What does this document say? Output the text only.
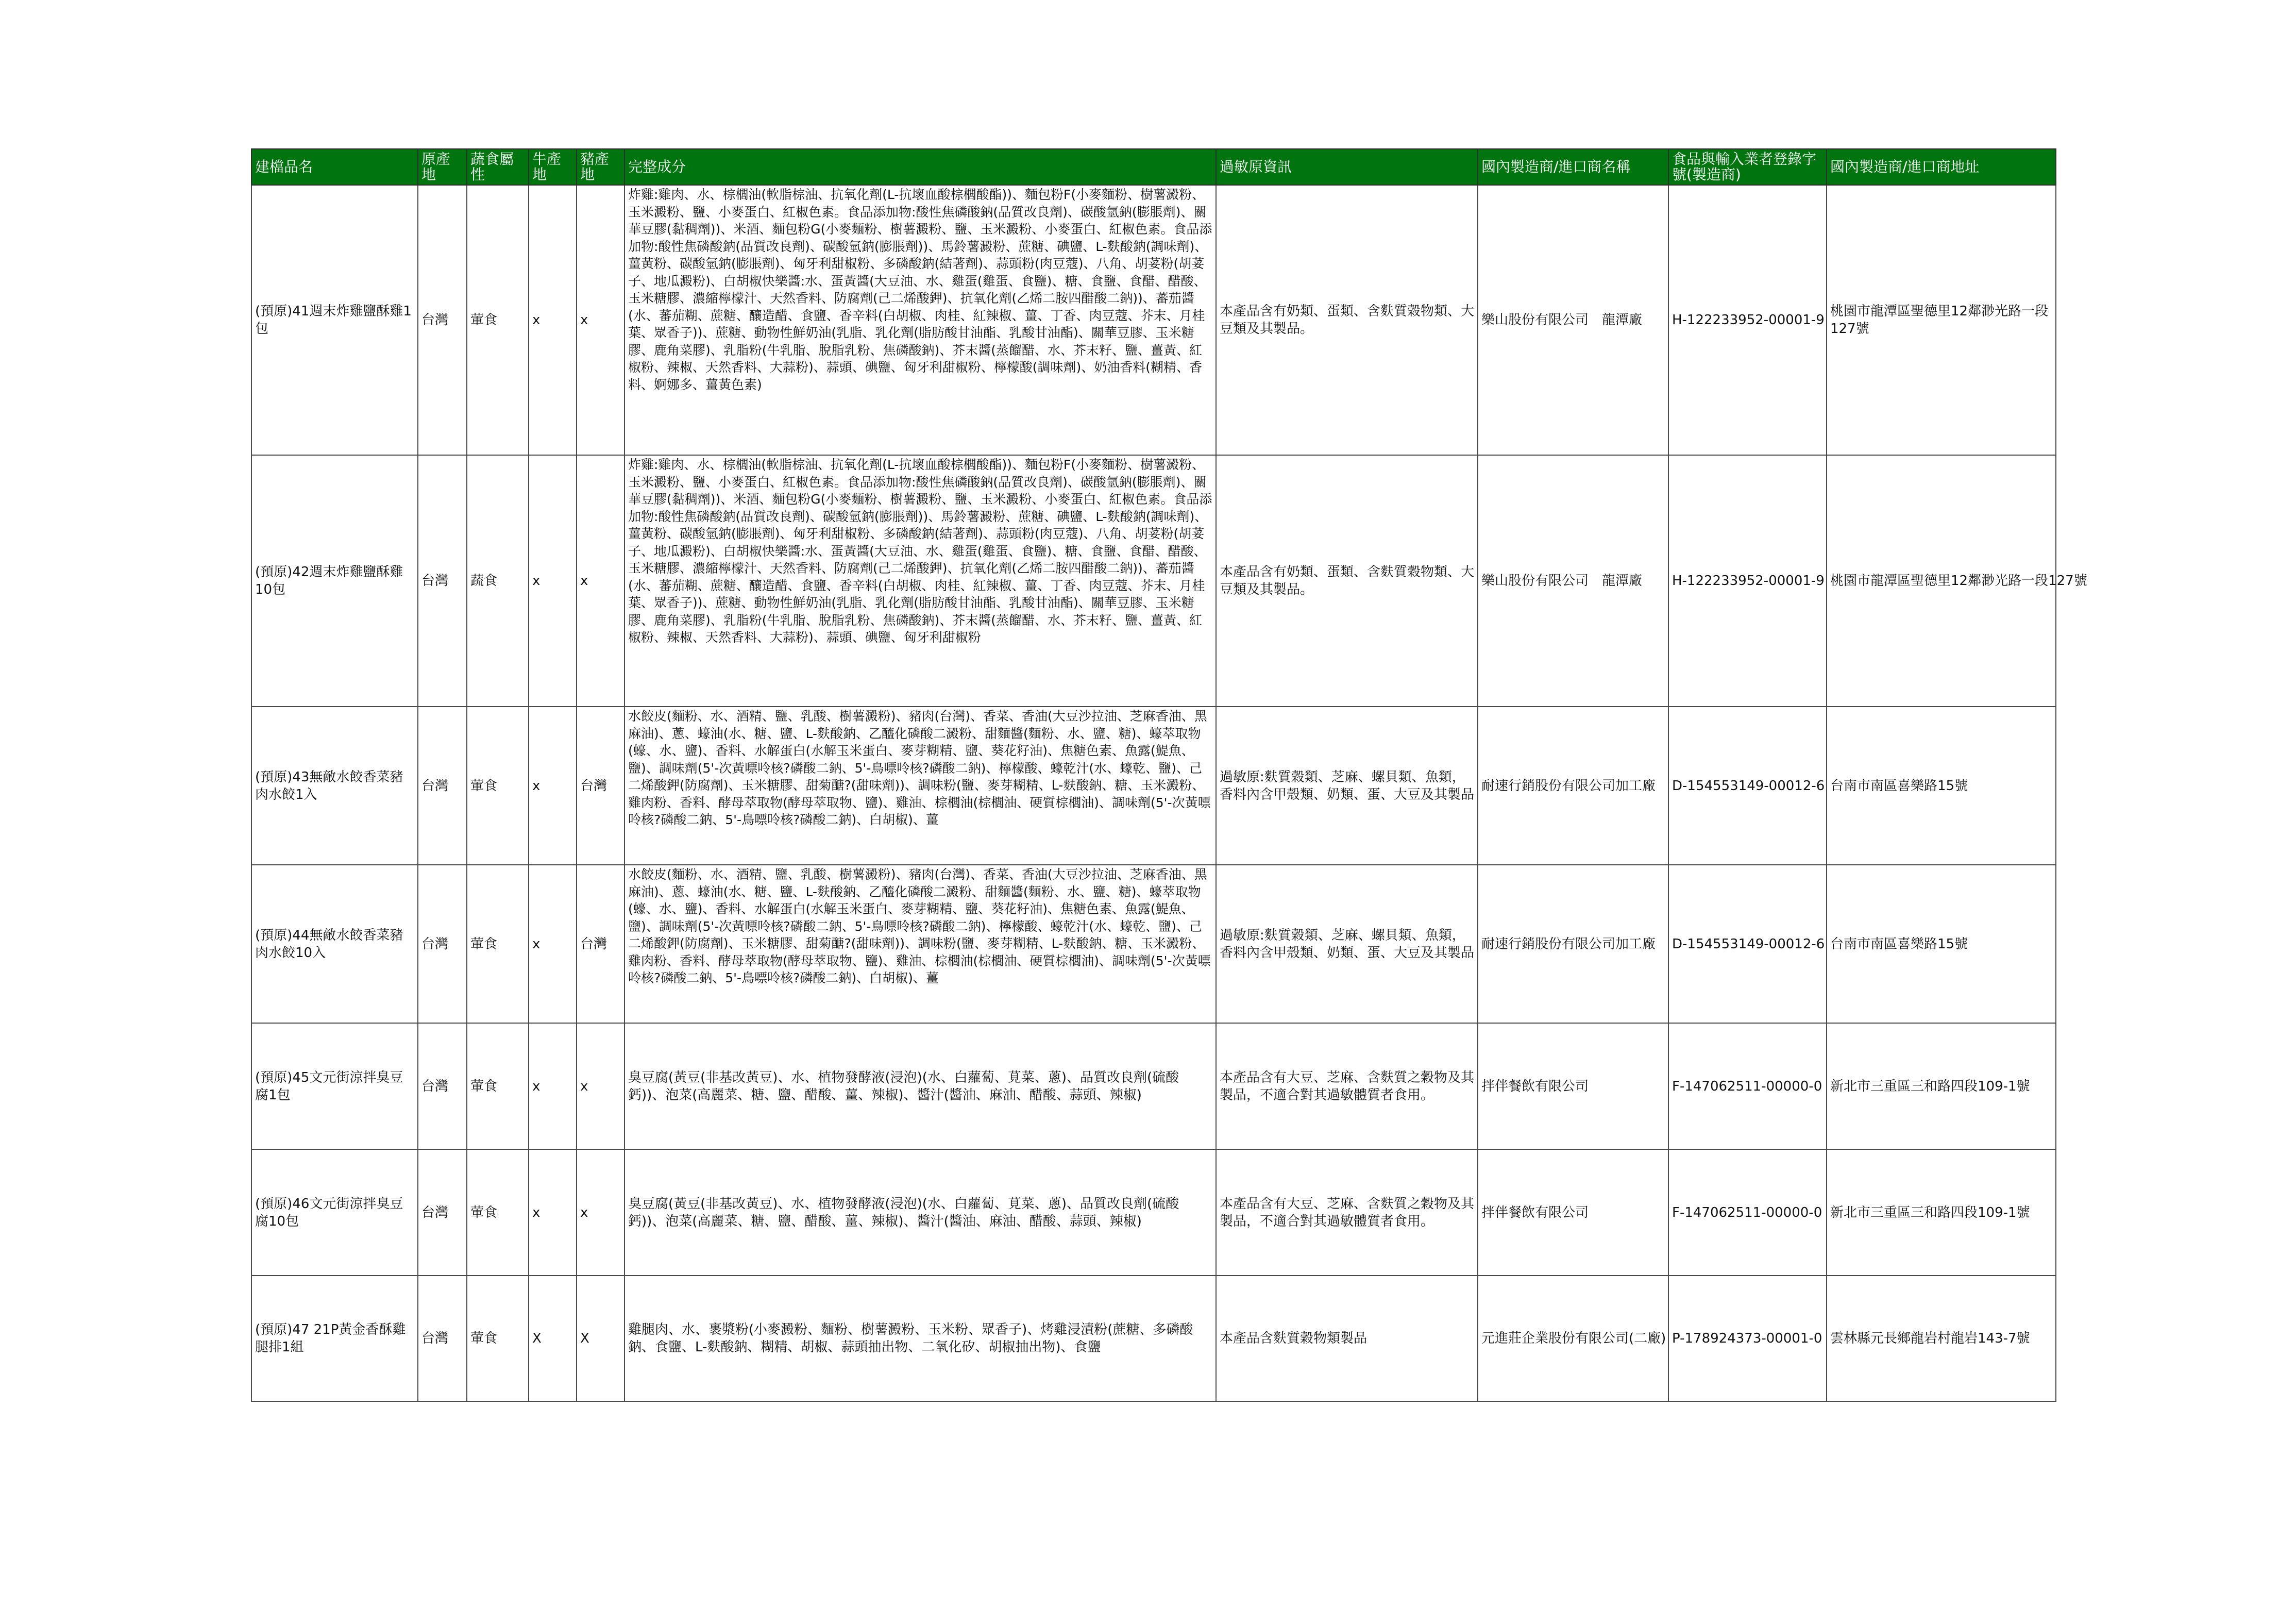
建檔品名	原產地	蔬食屬性	牛產地	豬產地	完整成分	過敏原資訊	國內製造商/進口商名稱	食品與輸入業者登錄字號(製造商)	國內製造商/進口商地址
(預原)41週末炸雞鹽酥雞1包	台灣	葷食	x	x	炸雞:雞肉、水、棕櫚油(軟脂棕油、抗氧化劑(L-抗壞血酸棕櫚酸酯))、麵包粉F(小麥麵粉、樹薯澱粉、玉米澱粉、鹽、小麥蛋白、紅椒色素。食品添加物:酸性焦磷酸鈉(品質改良劑)、碳酸氫鈉(膨脹劑)、關華豆膠(黏稠劑))、米酒、麵包粉G(小麥麵粉、樹薯澱粉、鹽、玉米澱粉、小麥蛋白、紅椒色素。食品添加物:酸性焦磷酸鈉(品質改良劑)、碳酸氫鈉(膨脹劑))、馬鈴薯澱粉、蔗糖、碘鹽、L-麩酸鈉(調味劑)、薑黃粉、碳酸氫鈉(膨脹劑)、匈牙利甜椒粉、多磷酸鈉(結著劑)、蒜頭粉(肉豆蔻)、八角、胡荽粉(胡荽子、地瓜澱粉)、白胡椒快樂醬:水、蛋黃醬(大豆油、水、雞蛋(雞蛋、食鹽)、糖、食鹽、食醋、醋酸、玉米糖膠、濃縮檸檬汁、天然香料、防腐劑(己二烯酸鉀)、抗氧化劑(乙烯二胺四醋酸二鈉))、蕃茄醬(水、蕃茄糊、蔗糖、釀造醋、食鹽、香辛料(白胡椒、肉桂、紅辣椒、薑、丁香、肉豆蔻、芥末、月桂葉、眾香子))、蔗糖、動物性鮮奶油(乳脂、乳化劑(脂肪酸甘油酯、乳酸甘油酯)、關華豆膠、玉米糖膠、鹿角菜膠)、乳脂粉(牛乳脂、脫脂乳粉、焦磷酸鈉)、芥末醬(蒸餾醋、水、芥末籽、鹽、薑黃、紅椒粉、辣椒、天然香料、大蒜粉)、蒜頭、碘鹽、匈牙利甜椒粉、檸檬酸(調味劑)、奶油香料(糊精、香料、婀娜多、薑黃色素)	本產品含有奶類、蛋類、含麩質穀物類、大豆類及其製品。	樂山股份有限公司　龍潭廠	H-122233952-00001-9	桃園市龍潭區聖德里12鄰渺光路一段127號
(預原)42週末炸雞鹽酥雞10包	台灣	蔬食	x	x	炸雞:雞肉、水、棕櫚油(軟脂棕油、抗氧化劑(L-抗壞血酸棕櫚酸酯))、麵包粉F(小麥麵粉、樹薯澱粉、玉米澱粉、鹽、小麥蛋白、紅椒色素。食品添加物:酸性焦磷酸鈉(品質改良劑)、碳酸氫鈉(膨脹劑)、關華豆膠(黏稠劑))、米酒、麵包粉G(小麥麵粉、樹薯澱粉、鹽、玉米澱粉、小麥蛋白、紅椒色素。食品添加物:酸性焦磷酸鈉(品質改良劑)、碳酸氫鈉(膨脹劑))、馬鈴薯澱粉、蔗糖、碘鹽、L-麩酸鈉(調味劑)、薑黃粉、碳酸氫鈉(膨脹劑)、匈牙利甜椒粉、多磷酸鈉(結著劑)、蒜頭粉(肉豆蔻)、八角、胡荽粉(胡荽子、地瓜澱粉)、白胡椒快樂醬:水、蛋黃醬(大豆油、水、雞蛋(雞蛋、食鹽)、糖、食鹽、食醋、醋酸、玉米糖膠、濃縮檸檬汁、天然香料、防腐劑(己二烯酸鉀)、抗氧化劑(乙烯二胺四醋酸二鈉))、蕃茄醬(水、蕃茄糊、蔗糖、釀造醋、食鹽、香辛料(白胡椒、肉桂、紅辣椒、薑、丁香、肉豆蔻、芥末、月桂葉、眾香子))、蔗糖、動物性鮮奶油(乳脂、乳化劑(脂肪酸甘油酯、乳酸甘油酯)、關華豆膠、玉米糖膠、鹿角菜膠)、乳脂粉(牛乳脂、脫脂乳粉、焦磷酸鈉)、芥末醬(蒸餾醋、水、芥末籽、鹽、薑黃、紅椒粉、辣椒、天然香料、大蒜粉)、蒜頭、碘鹽、匈牙利甜椒粉	本產品含有奶類、蛋類、含麩質穀物類、大豆類及其製品。	樂山股份有限公司　龍潭廠	H-122233952-00001-9	桃園市龍潭區聖德里12鄰渺光路一段127號
(預原)43無敵水餃香菜豬肉水餃1入	台灣	葷食	x	台灣	水餃皮(麵粉、水、酒精、鹽、乳酸、樹薯澱粉)、豬肉(台灣)、香菜、香油(大豆沙拉油、芝麻香油、黑麻油)、蔥、蠔油(水、糖、鹽、L-麩酸鈉、乙醯化磷酸二澱粉、甜麵醬(麵粉、水、鹽、糖)、蠔萃取物(蠔、水、鹽)、香料、水解蛋白(水解玉米蛋白、麥芽糊精、鹽、葵花籽油)、焦糖色素、魚露(鯷魚、鹽)、調味劑(5'-次黃嘌呤核?磷酸二鈉、5'-鳥嘌呤核?磷酸二鈉)、檸檬酸、蠔乾汁(水、蠔乾、鹽)、己二烯酸鉀(防腐劑)、玉米糖膠、甜菊醣?(甜味劑))、調味粉(鹽、麥芽糊精、L-麩酸鈉、糖、玉米澱粉、雞肉粉、香料、酵母萃取物(酵母萃取物、鹽)、雞油、棕櫚油(棕櫚油、硬質棕櫚油)、調味劑(5'-次黃嘌呤核?磷酸二鈉、5'-鳥嘌呤核?磷酸二鈉)、白胡椒)、薑	過敏原:麩質穀類、芝麻、螺貝類、魚類，香料內含甲殼類、奶類、蛋、大豆及其製品	耐速行銷股份有限公司加工廠	D-154553149-00012-6	台南市南區喜樂路15號
(預原)44無敵水餃香菜豬肉水餃10入	台灣	葷食	x	台灣	水餃皮(麵粉、水、酒精、鹽、乳酸、樹薯澱粉)、豬肉(台灣)、香菜、香油(大豆沙拉油、芝麻香油、黑麻油)、蔥、蠔油(水、糖、鹽、L-麩酸鈉、乙醯化磷酸二澱粉、甜麵醬(麵粉、水、鹽、糖)、蠔萃取物(蠔、水、鹽)、香料、水解蛋白(水解玉米蛋白、麥芽糊精、鹽、葵花籽油)、焦糖色素、魚露(鯷魚、鹽)、調味劑(5'-次黃嘌呤核?磷酸二鈉、5'-鳥嘌呤核?磷酸二鈉)、檸檬酸、蠔乾汁(水、蠔乾、鹽)、己二烯酸鉀(防腐劑)、玉米糖膠、甜菊醣?(甜味劑))、調味粉(鹽、麥芽糊精、L-麩酸鈉、糖、玉米澱粉、雞肉粉、香料、酵母萃取物(酵母萃取物、鹽)、雞油、棕櫚油(棕櫚油、硬質棕櫚油)、調味劑(5'-次黃嘌呤核?磷酸二鈉、5'-鳥嘌呤核?磷酸二鈉)、白胡椒)、薑	過敏原:麩質穀類、芝麻、螺貝類、魚類，香料內含甲殼類、奶類、蛋、大豆及其製品	耐速行銷股份有限公司加工廠	D-154553149-00012-6	台南市南區喜樂路15號
(預原)45文元街涼拌臭豆腐1包	台灣	葷食	x	x	臭豆腐(黃豆(非基改黃豆)、水、植物發酵液(浸泡)(水、白蘿蔔、莧菜、蔥)、品質改良劑(硫酸鈣))、泡菜(高麗菜、糖、鹽、醋酸、薑、辣椒)、醬汁(醬油、麻油、醋酸、蒜頭、辣椒)	本產品含有大豆、芝麻、含麩質之穀物及其製品，不適合對其過敏體質者食用。	拌伴餐飲有限公司	F-147062511-00000-0	新北市三重區三和路四段109-1號
(預原)46文元街涼拌臭豆腐10包	台灣	葷食	x	x	臭豆腐(黃豆(非基改黃豆)、水、植物發酵液(浸泡)(水、白蘿蔔、莧菜、蔥)、品質改良劑(硫酸鈣))、泡菜(高麗菜、糖、鹽、醋酸、薑、辣椒)、醬汁(醬油、麻油、醋酸、蒜頭、辣椒)	本產品含有大豆、芝麻、含麩質之穀物及其製品，不適合對其過敏體質者食用。	拌伴餐飲有限公司	F-147062511-00000-0	新北市三重區三和路四段109-1號
(預原)47 21P黃金香酥雞腿排1組	台灣	葷食	X	X	雞腿肉、水、裹漿粉(小麥澱粉、麵粉、樹薯澱粉、玉米粉、眾香子)、烤雞浸漬粉(蔗糖、多磷酸鈉、食鹽、L-麩酸鈉、糊精、胡椒、蒜頭抽出物、二氧化矽、胡椒抽出物)、食鹽	本產品含麩質穀物類製品	元進莊企業股份有限公司(二廠)	P-178924373-00001-0	雲林縣元長鄉龍岩村龍岩143-7號
